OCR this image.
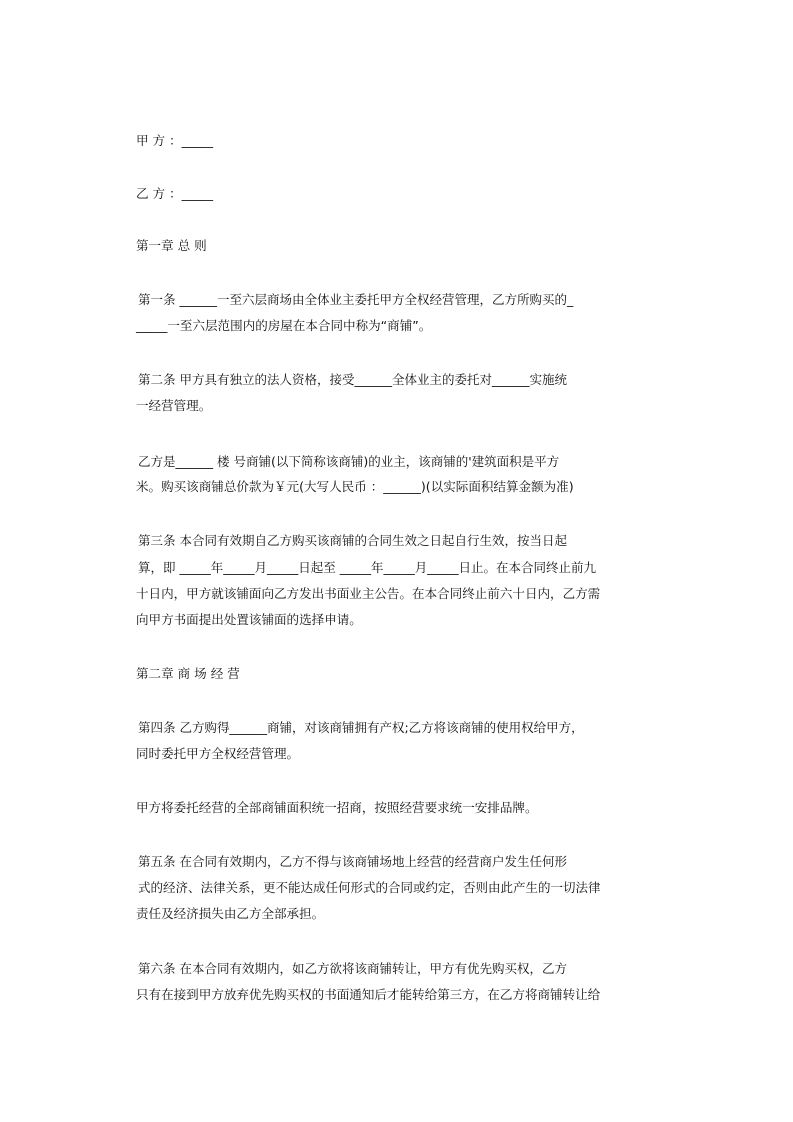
甲 方 ：_____

乙 方 ：_____

第一章 总 则

第一条 ______一至六层商场由全体业主委托甲方全权经营管理，乙方所购买的_

_____一至六层范围内的房屋在本合同中称为“商铺”。

第二条 甲方具有独立的法人资格，接受______全体业主的委托对______实施统

一经营管理。

乙方是______ 楼 号商铺(以下简称该商铺)的业主，该商铺的'建筑面积是平方

米。购买该商铺总价款为￥元(大写人民币 ：______)(以实际面积结算金额为准)

第三条 本合同有效期自乙方购买该商铺的合同生效之日起自行生效，按当日起

算，即 _____年_____月_____日起至 _____年_____月_____日止。在本合同终止前九

十日内，甲方就该铺面向乙方发出书面业主公告。在本合同终止前六十日内，乙方需

向甲方书面提出处置该铺面的选择申请。

第二章 商 场 经 营

第四条 乙方购得______商铺，对该商铺拥有产权;乙方将该商铺的使用权给甲方，

同时委托甲方全权经营管理。

甲方将委托经营的全部商铺面积统一招商，按照经营要求统一安排品牌。

第五条 在合同有效期内，乙方不得与该商铺场地上经营的经营商户发生任何形

式的经济、法律关系，更不能达成任何形式的合同或约定，否则由此产生的一切法律

责任及经济损失由乙方全部承担。

第六条 在本合同有效期内，如乙方欲将该商铺转让，甲方有优先购买权，乙方

只有在接到甲方放弃优先购买权的书面通知后才能转给第三方，在乙方将商铺转让给
